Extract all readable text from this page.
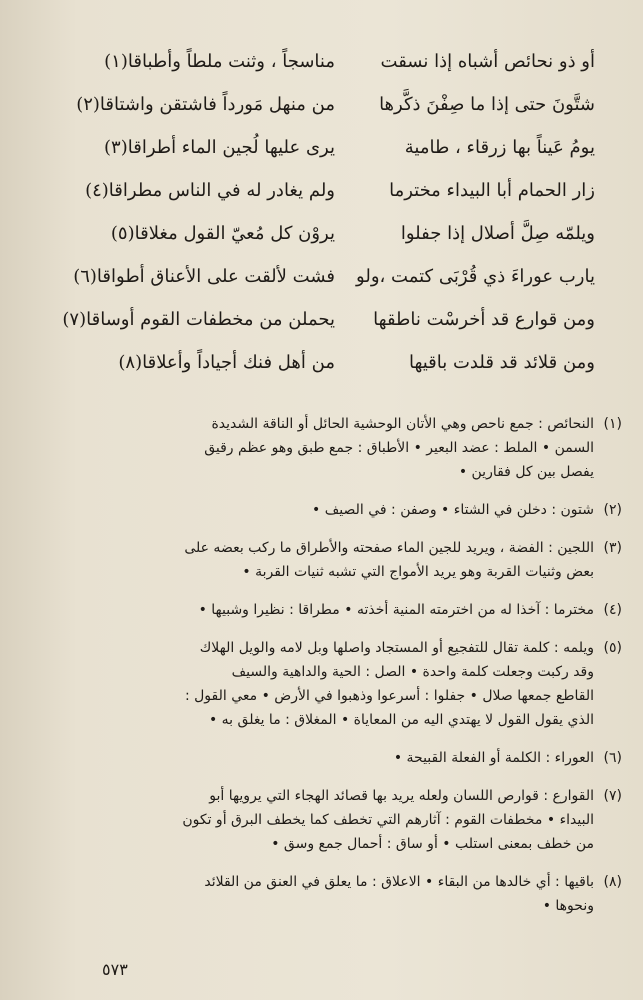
أو ذو نحائص أشباه إذا نسقت
مناسجاً ، وثنت ملطاً وأطباقا(١)
شتَّونَ حتى إذا ما صِفْنَ ذكَّرها
من منهل مَورداً فاشتقن واشتاقا(٢)
يومُ عَيناً بها زرقاء ، طامية
يرى عليها لُجين الماء أطراقا(٣)
زار الحمام أبا البيداء مخترما
ولم يغادر له في الناس مطراقا(٤)
ويلمّه صِلَّ أصلال إذا جفلوا
يروْن كل مُعيّ القول مغلاقا(٥)
يارب عوراءَ ذي قُرْبَى كتمت ،ولو
فشت لألقت على الأعناق أطواقا(٦)
ومن قوارع قد أخرسْت ناطقها
يحملن من مخطفات القوم أوساقا(٧)
ومن قلائد قد قلدت باقيها
من أهل فنك أجياداً وأعلاقا(٨)
(١)
النحائص : جمع ناحص وهي الأتان الوحشية الحائل أو الناقة الشديدة
السمن • الملط : عضد البعير • الأطباق : جمع طبق وهو عظم رقيق
يفصل بين كل فقارين •
(٢)
شتون : دخلن في الشتاء • وصفن : في الصيف •
(٣)
اللجين : الفضة ، ويريد للجين الماء صفحته والأطراق ما ركب بعضه على
بعض وثنيات القربة وهو يريد الأمواج التي تشبه ثنيات القربة •
(٤)
مخترما : آخذا له من اخترمته المنية أخذته • مطراقا : نظيرا وشبيها •
(٥)
ويلمه : كلمة تقال للتفجيع أو المستجاد واصلها وبل لامه والويل الهلاك
وقد ركبت وجعلت كلمة واحدة • الصل : الحية والداهية والسيف
القاطع جمعها صلال • جفلوا : أسرعوا وذهبوا في الأرض • معي القول :
الذي يقول القول لا يهتدي اليه من المعاياة • المغلاق : ما يغلق به •
(٦)
العوراء : الكلمة أو الفعلة القبيحة •
(٧)
القوارع : قوارص اللسان ولعله يريد بها قصائد الهجاء التي يرويها أبو
البيداء • مخطفات القوم : آثارهم التي تخطف كما يخطف البرق أو تكون
من خطف بمعنى استلب • أو ساق : أحمال جمع وسق •
(٨)
باقيها : أي خالدها من البقاء • الاعلاق : ما يعلق في العنق من القلائد
ونحوها •
٥٧٣
